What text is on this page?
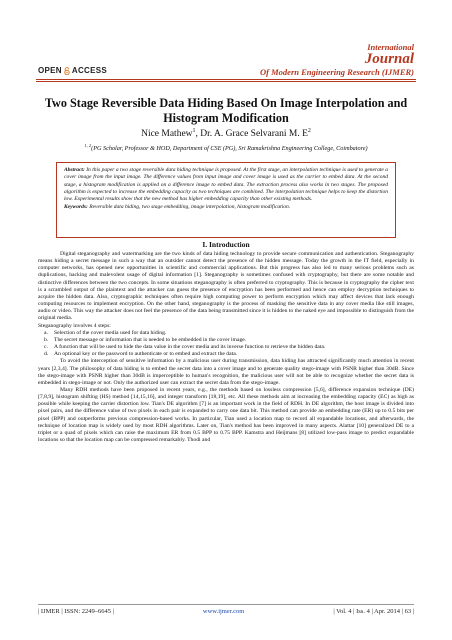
International
Journal
Of Modern Engineering Research (IJMER)
OPEN ACCESS
Two Stage Reversible Data Hiding Based On Image Interpolation and Histogram Modification
Nice Mathew$^1$, Dr. A. Grace Selvarani M. $E^2$
$^{1, 2}$(PG Scholar, Professor & HOD, Department of CSE (PG), Sri Ramakrishna Engineering College, Coimbatore)
Abstract: In this paper a two stage reversible data hiding technique is proposed. At the first stage, an interpolation technique is used to generate a cover image from the input image. The difference values from input image and cover image is used as the carrier to embed data. At the second stage, a histogram modification is applied on a difference image to embed data. The extraction process also works in two stages. The proposed algorithm is expected to increase the embedding capacity as two techniques are combined. The interpolation technique helps to keep the distortion low. Experimental results show that the new method has higher embedding capacity than other existing methods.
Keywords: Reversible data hiding, two stage embedding, image interpolation, histogram modification.
I. Introduction

Digital steganography and watermarking are the two kinds of data hiding technology to provide secure communication and authentication. Steganography means hiding a secret message in such a way that an outsider cannot detect the presence of the hidden message. Today the growth in the IT field, especially in computer networks, has opened new opportunities in scientific and commercial applications. But this progress has also led to many serious problems such as duplications, hacking and malevolent usage of digital information [1]. Steganography is sometimes confused with cryptography, but there are some notable and distinctive differences between the two concepts. In some situations steganography is often preferred to cryptography. This is because in cryptography the cipher text is a scrambled output of the plaintext and the attacker can guess the presence of encryption has been performed and hence can employ decryption techniques to acquire the hidden data. Also, cryptographic techniques often require high computing power to perform encryption which may affect devices that lack enough computing resources to implement encryption. On the other hand, steganography is the process of masking the sensitive data in any cover media like still images, audio or video. This way the attacker does not feel the presence of the data being transmitted since it is hidden to the naked eye and impossible to distinguish from the original media.

Steganography involves 4 steps:

a.	Selection of the cover media used for data hiding.
b.	The secret message or information that is needed to be embedded in the cover image.
c.	A function that will be used to hide the data value in the cover media and its inverse function to retrieve the hidden data.
d.	An optional key or the password to authenticate or to embed and extract the data.

To avoid the interception of sensitive information by a malicious user during transmission, data hiding has attracted significantly much attention in recent years [2,3,4]. The philosophy of data hiding is to embed the secret data into a cover image and to generate quality stego-image with PSNR higher than 30dB. Since the stego-image with PSNR higher than 30dB is imperceptible to human's recognition, the malicious user will not be able to recognize whether the secret data is embedded in stego-image or not. Only the authorized user can extract the secret data from the stego-image.

Many RDH methods have been proposed in recent years, e.g., the methods based on lossless compression [5,6], difference expansion technique (DE) [7,8,9], histogram shifting (HS) method [14,15,16], and integer transform [18,19], etc. All these methods aim at increasing the embedding capacity (EC) as high as possible while keeping the carrier distortion low. Tian's DE algorithm [7] is an important work in the field of RDH. In DE algorithm, the host image is divided into pixel pairs, and the difference value of two pixels in each pair is expanded to carry one data bit. This method can provide an embedding rate (ER) up to 0.5 bits per pixel (BPP) and outperforms previous compression-based works. In particular, Tian used a location map to record all expandable locations, and afterwards, the technique of location map is widely used by most RDH algorithms. Later on, Tian's method has been improved in many aspects. Alattar [10] generalized DE to a triplet or a quad of pixels which can raise the maximum ER from 0.5 BPP to 0.75 BPP. Kamstra and Heijmans [8] utilized low-pass image to predict expandable locations so that the location map can be compressed remarkably. Thodi and

| IJMER | ISSN: 2249–6645 |	www.ijmer.com	| Vol. 4 | Iss. 4 | Apr. 2014 | 63 |
